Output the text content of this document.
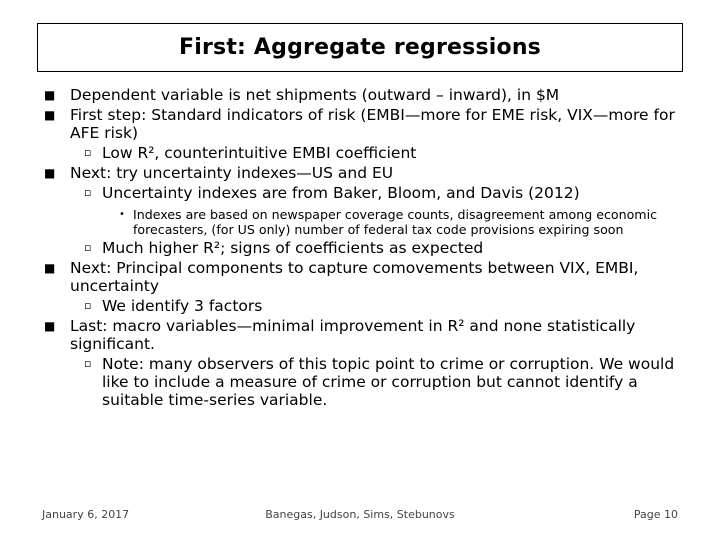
First: Aggregate regressions
■ Dependent variable is net shipments (outward – inward), in $M
■ First step: Standard indicators of risk (EMBI—more for EME risk, VIX—more for AFE risk)
▫ Low R², counterintuitive EMBI coefficient
■ Next: try uncertainty indexes—US and EU
▫ Uncertainty indexes are from Baker, Bloom, and Davis (2012)
• Indexes are based on newspaper coverage counts, disagreement among economic forecasters, (for US only) number of federal tax code provisions expiring soon
▫ Much higher R²; signs of coefficients as expected
■ Next: Principal components to capture comovements between VIX, EMBI, uncertainty
▫ We identify 3 factors
■ Last: macro variables—minimal improvement in R² and none statistically significant.
▫ Note: many observers of this topic point to crime or corruption. We would like to include a measure of crime or corruption but cannot identify a suitable time-series variable.
January 6, 2017	Banegas, Judson, Sims, Stebunovs	Page 10
